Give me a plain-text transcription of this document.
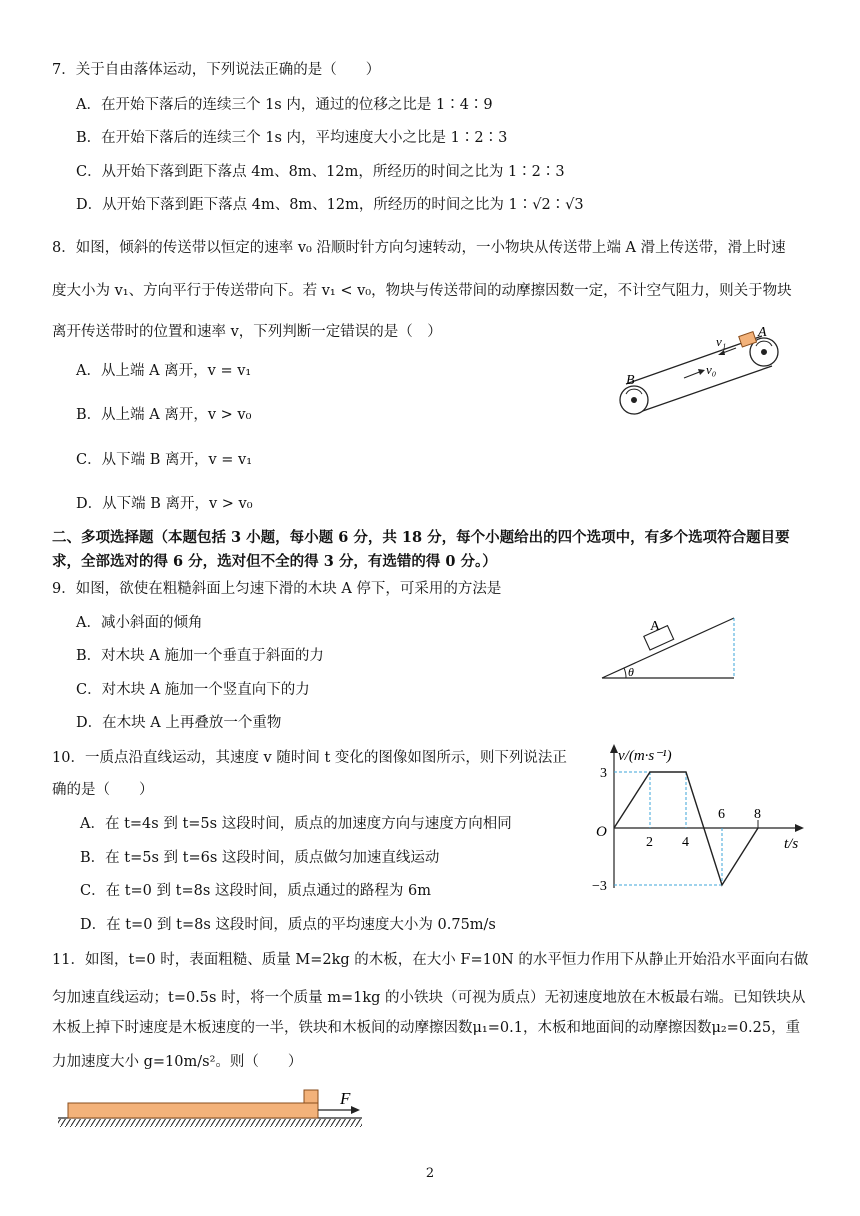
7．关于自由落体运动，下列说法正确的是（　　）
A．在开始下落后的连续三个 1s 内，通过的位移之比是 1∶4∶9
B．在开始下落后的连续三个 1s 内，平均速度大小之比是 1∶2∶3
C．从开始下落到距下落点 4m、8m、12m，所经历的时间之比为 1∶2∶3
D．从开始下落到距下落点 4m、8m、12m，所经历的时间之比为 1∶√2∶√3
8．如图，倾斜的传送带以恒定的速率 v₀ 沿顺时针方向匀速转动，一小物块从传送带上端 A 滑上传送带，滑上时速
度大小为 v₁、方向平行于传送带向下。若 v₁ < v₀，物块与传送带间的动摩擦因数一定，不计空气阻力，则关于物块
离开传送带时的位置和速率 v，下列判断一定错误的是（　）
A．从上端 A 离开，v = v₁
B．从上端 A 离开，v > v₀
C．从下端 B 离开，v = v₁
D．从下端 B 离开，v > v₀
v₁
v₀
A
B
二、多项选择题（本题包括 3 小题，每小题 6 分，共 18 分，每个小题给出的四个选项中，有多个选项符合题目要
求，全部选对的得 6 分，选对但不全的得 3 分，有选错的得 0 分。）
9．如图，欲使在粗糙斜面上匀速下滑的木块 A 停下，可采用的方法是
A．减小斜面的倾角
B．对木块 A 施加一个垂直于斜面的力
C．对木块 A 施加一个竖直向下的力
D．在木块 A 上再叠放一个重物
A
θ
10．一质点沿直线运动，其速度 v 随时间 t 变化的图像如图所示，则下列说法正
确的是（　　）
A．在 t=4s 到 t=5s 这段时间，质点的加速度方向与速度方向相同
B．在 t=5s 到 t=6s 这段时间，质点做匀加速直线运动
C．在 t=0 到 t=8s 这段时间，质点通过的路程为 6m
D．在 t=0 到 t=8s 这段时间，质点的平均速度大小为 0.75m/s
v/(m·s⁻¹)
t/s
O
2 4
6 8
3
−3
11．如图，t=0 时，表面粗糙、质量 M=2kg 的木板，在大小 F=10N 的水平恒力作用下从静止开始沿水平面向右做
匀加速直线运动；t=0.5s 时，将一个质量 m=1kg 的小铁块（可视为质点）无初速度地放在木板最右端。已知铁块从
木板上掉下时速度是木板速度的一半，铁块和木板间的动摩擦因数μ₁=0.1，木板和地面间的动摩擦因数μ₂=0.25，重
力加速度大小 g=10m/s²。则（　　）
F
2
